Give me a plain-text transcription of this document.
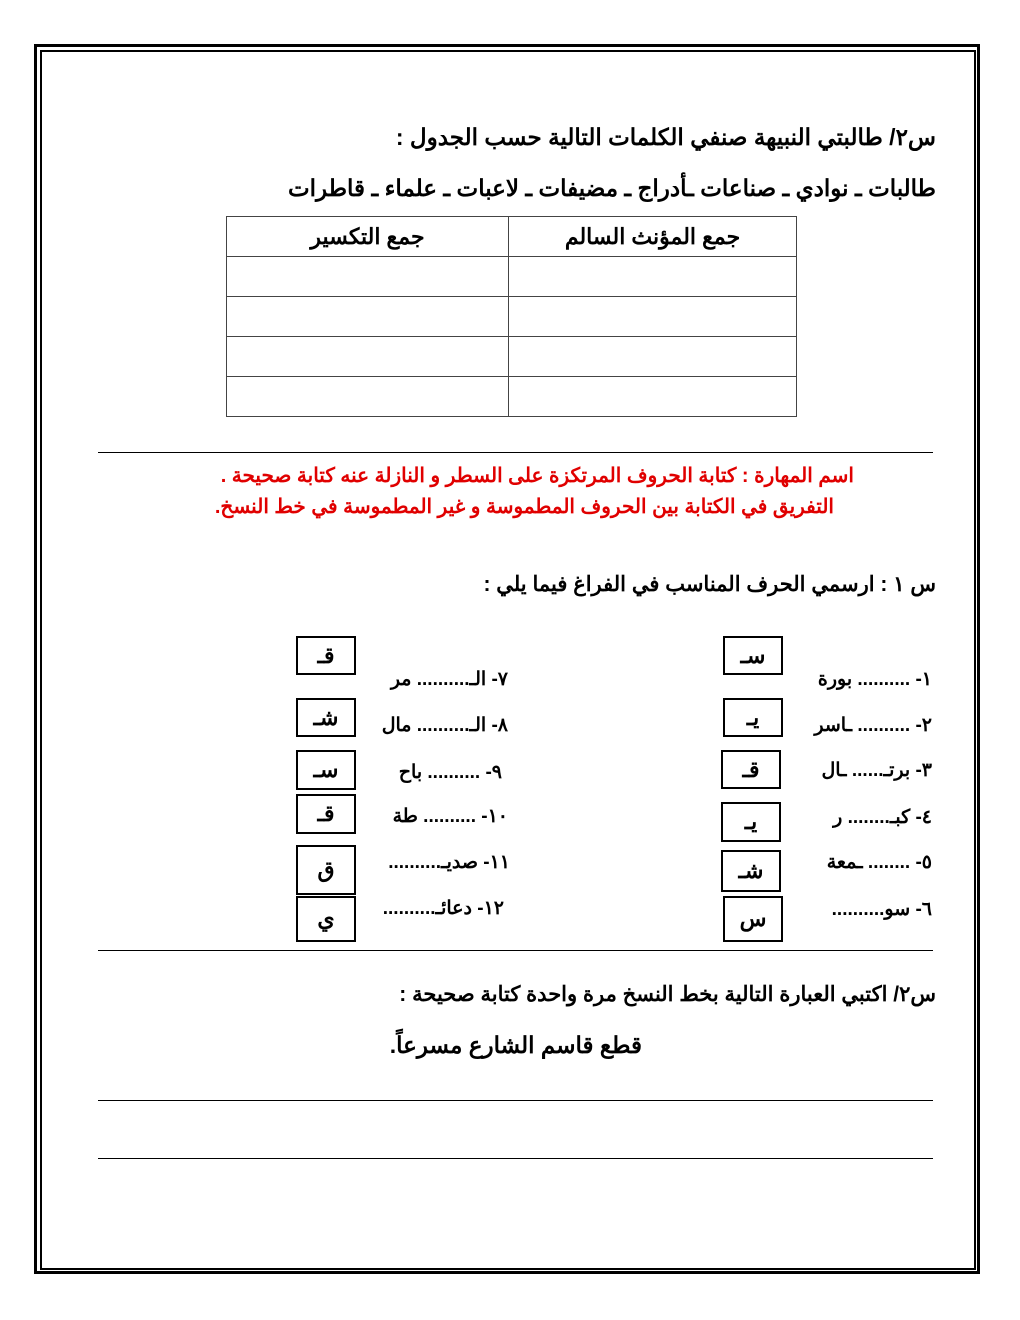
س٢/ طالبتي النبيهة صنفي الكلمات التالية حسب الجدول :
طالبات ـ نوادي ـ صناعات ـأدراج ـ مضيفات ـ لاعبات ـ علماء ـ قاطرات
جمع المؤنث السالم	جمع التكسير

اسم المهارة : كتابة الحروف المرتكزة على السطر و النازلة عنه كتابة صحيحة .
التفريق في الكتابة بين الحروف المطموسة و غير المطموسة في خط النسخ.
س ١ : ارسمي الحرف المناسب في الفراغ فيما يلي :
١- .......... بورة
سـ
٢- .......... ـاسر
يـ
٣- برتـ...... ـال
قـ
٤- كبـ........ ر
يـ
٥- ........ ـمعة
شـ
٦- سو..........
س
٧- الـ.......... مر
قـ
٨- الـ.......... مال
شـ
٩- .......... باح
سـ
١٠- .......... طة
قـ
١١- صديـ..........
ق
١٢- دعائـ..........
ي
س٢/ اكتبي العبارة التالية بخط النسخ مرة واحدة كتابة صحيحة :
قطع قاسم الشارع مسرعاً.
